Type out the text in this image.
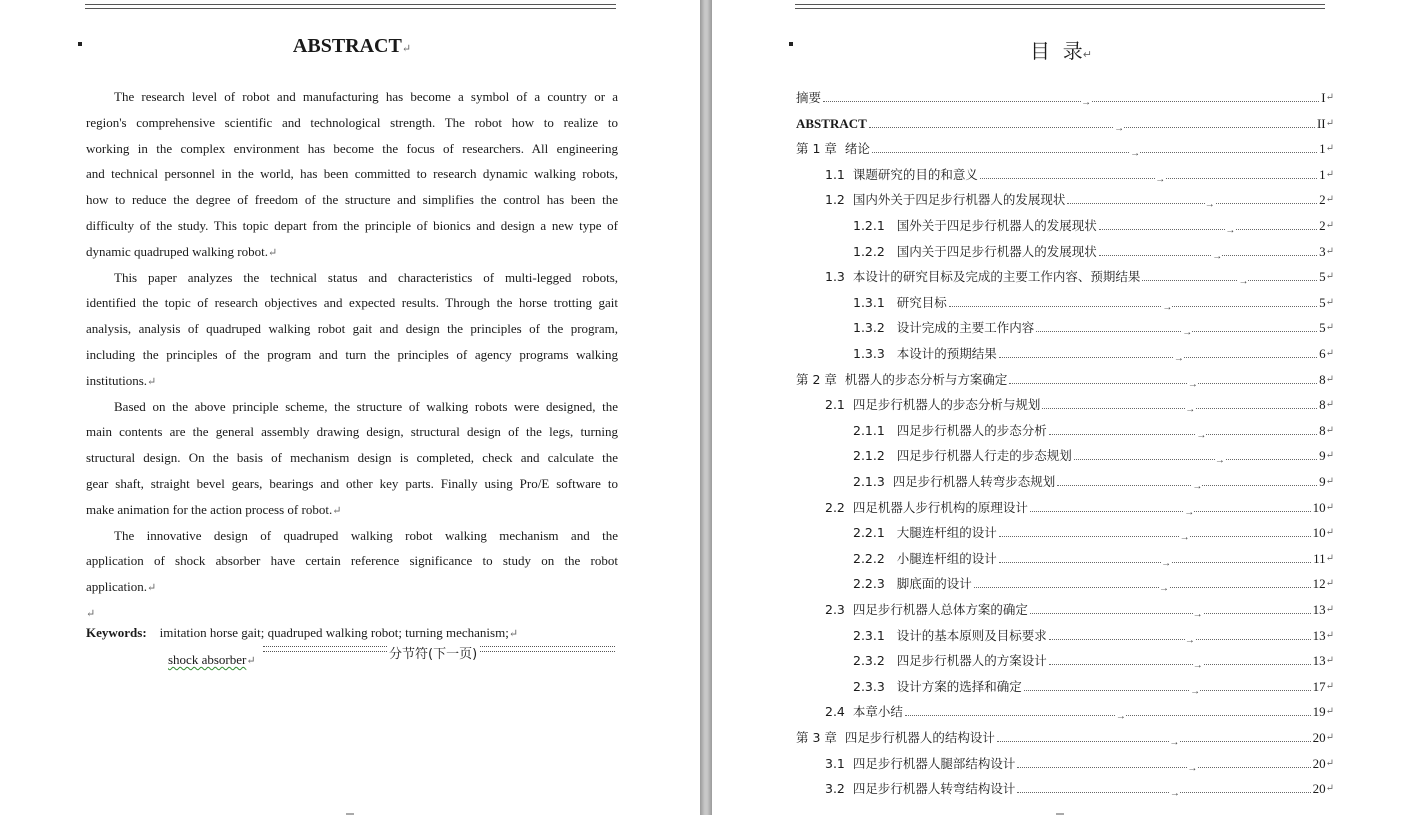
ABSTRACT↵
The research level of robot and manufacturing has become a symbol of a country or a
region's comprehensive scientific and technological strength. The robot how to realize to
working in the complex environment has become the focus of researchers. All engineering
and technical personnel in the world, has been committed to research dynamic walking robots,
how to reduce the degree of freedom of the structure and simplifies the control has been the
difficulty of the study. This topic depart from the principle of bionics and design a new type of
dynamic quadruped walking robot.↵
This paper analyzes the technical status and characteristics of multi-legged robots,
identified the topic of research objectives and expected results. Through the horse trotting gait
analysis, analysis of quadruped walking robot gait and design the principles of the program,
including the principles of the program and turn the principles of agency programs walking
institutions.↵
Based on the above principle scheme, the structure of walking robots were designed, the
main contents are the general assembly drawing design, structural design of the legs, turning
structural design. On the basis of mechanism design is completed, check and calculate the
gear shaft, straight bevel gears, bearings and other key parts. Finally using Pro/E software to
make animation for the action process of robot.↵
The innovative design of quadruped walking robot walking mechanism and the
application of shock absorber have certain reference significance to study on the robot
application.↵
↵
Keywords: imitation horse gait; quadruped walking robot; turning mechanism;↵
shock absorber↵	分节符(下一页)
目  录↵
摘要	→	I ↵
ABSTRACT	→	II ↵
第 1 章  绪论	→	1 ↵
1.1  课题研究的目的和意义	→	1 ↵
1.2  国内外关于四足步行机器人的发展现状	→	2 ↵
1.2.1   国外关于四足步行机器人的发展现状	→	2 ↵
1.2.2   国内关于四足步行机器人的发展现状	→	3 ↵
1.3  本设计的研究目标及完成的主要工作内容、预期结果	→	5 ↵
1.3.1   研究目标	→	5 ↵
1.3.2   设计完成的主要工作内容	→	5 ↵
1.3.3   本设计的预期结果	→	6 ↵
第 2 章  机器人的步态分析与方案确定	→	8 ↵
2.1  四足步行机器人的步态分析与规划	→	8 ↵
2.1.1   四足步行机器人的步态分析	→	8 ↵
2.1.2   四足步行机器人行走的步态规划	→	9 ↵
2.1.3  四足步行机器人转弯步态规划	→	9 ↵
2.2  四足机器人步行机构的原理设计	→	10 ↵
2.2.1   大腿连杆组的设计	→	10 ↵
2.2.2   小腿连杆组的设计	→	11 ↵
2.2.3   脚底面的设计	→	12 ↵
2.3  四足步行机器人总体方案的确定	→	13 ↵
2.3.1   设计的基本原则及目标要求	→	13 ↵
2.3.2   四足步行机器人的方案设计	→	13 ↵
2.3.3   设计方案的选择和确定	→	17 ↵
2.4  本章小结	→	19 ↵
第 3 章  四足步行机器人的结构设计	→	20 ↵
3.1  四足步行机器人腿部结构设计	→	20 ↵
3.2  四足步行机器人转弯结构设计	→	20 ↵
